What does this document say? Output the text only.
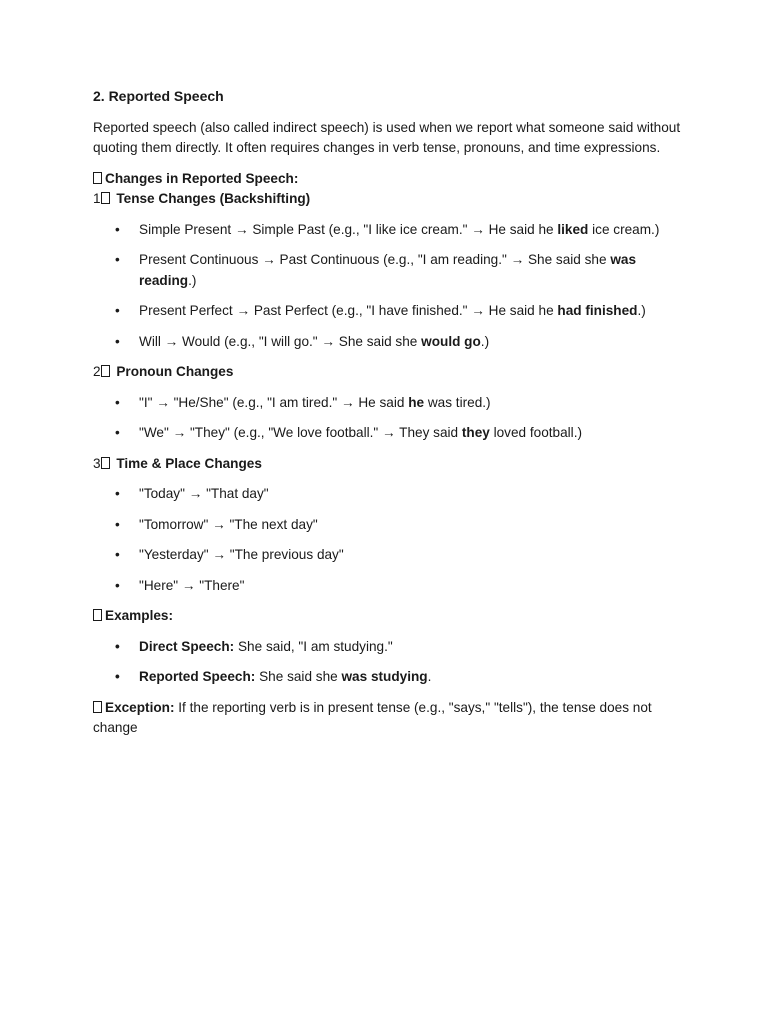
2. Reported Speech

Reported speech (also called indirect speech) is used when we report what someone said without quoting them directly. It often requires changes in verb tense, pronouns, and time expressions.

Changes in Reported Speech:

1 Tense Changes (Backshifting)

• Simple Present → Simple Past (e.g., "I like ice cream." → He said he liked ice cream.)
• Present Continuous → Past Continuous (e.g., "I am reading." → She said she was reading.)
• Present Perfect → Past Perfect (e.g., "I have finished." → He said he had finished.)
• Will → Would (e.g., "I will go." → She said she would go.)

2 Pronoun Changes

• "I" → "He/She" (e.g., "I am tired." → He said he was tired.)
• "We" → "They" (e.g., "We love football." → They said they loved football.)

3 Time & Place Changes

• "Today" → "That day"
• "Tomorrow" → "The next day"
• "Yesterday" → "The previous day"
• "Here" → "There"

Examples:

• Direct Speech: She said, "I am studying."
• Reported Speech: She said she was studying.

Exception: If the reporting verb is in present tense (e.g., "says," "tells"), the tense does not change
